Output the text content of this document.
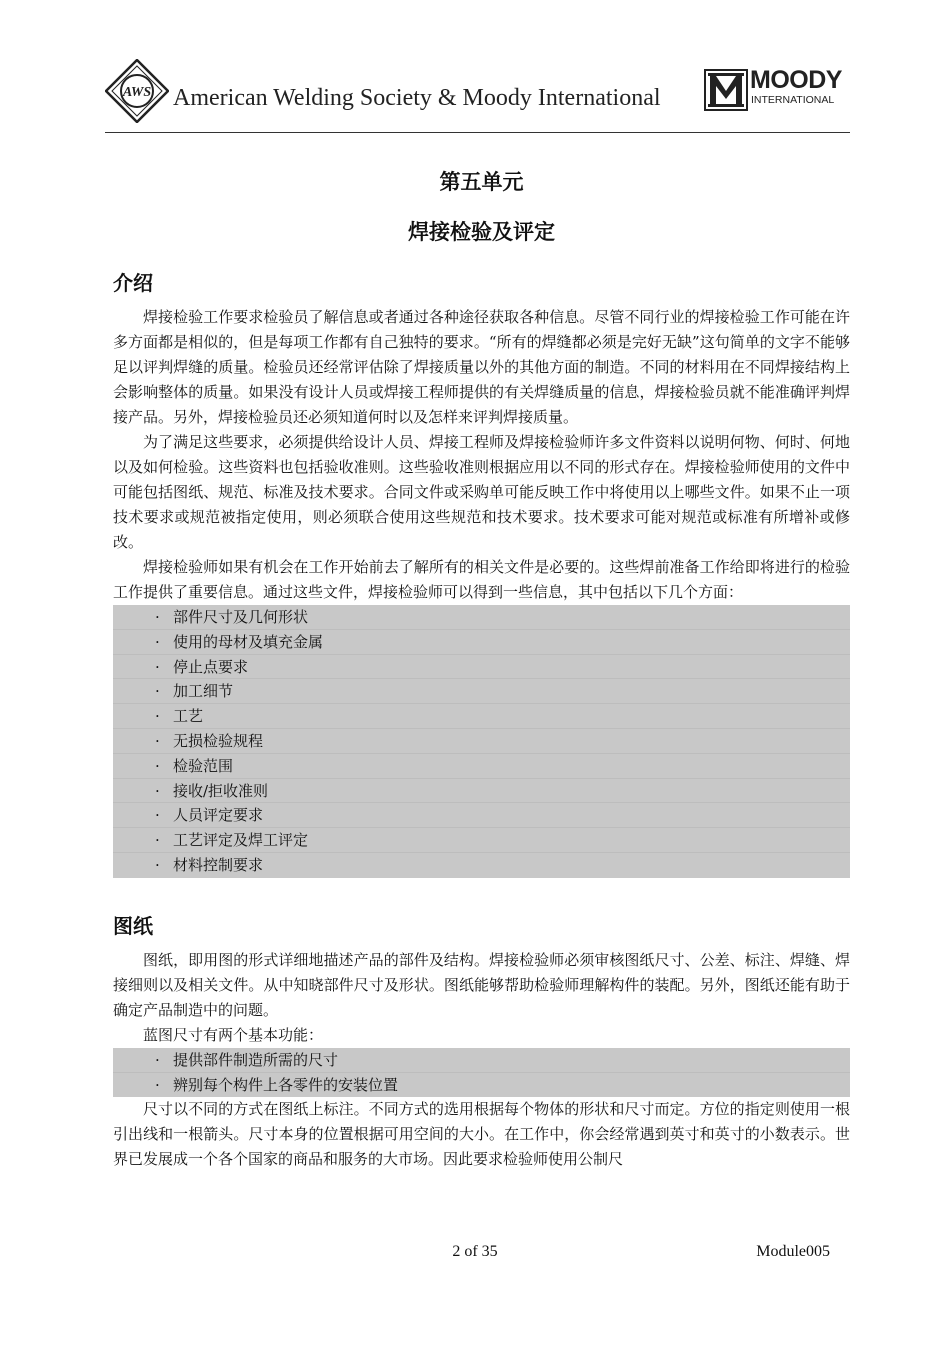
AWS American Welding Society & Moody International
MOODY
INTERNATIONAL
第五单元
焊接检验及评定
介绍

焊接检验工作要求检验员了解信息或者通过各种途径获取各种信息。尽管不同行业的焊接检验工作可能在许多方面都是相似的，但是每项工作都有自己独特的要求。“所有的焊缝都必须是完好无缺”这句简单的文字不能够足以评判焊缝的质量。检验员还经常评估除了焊接质量以外的其他方面的制造。不同的材料用在不同焊接结构上会影响整体的质量。如果没有设计人员或焊接工程师提供的有关焊缝质量的信息，焊接检验员就不能准确评判焊接产品。另外，焊接检验员还必须知道何时以及怎样来评判焊接质量。

为了满足这些要求，必须提供给设计人员、焊接工程师及焊接检验师许多文件资料以说明何物、何时、何地以及如何检验。这些资料也包括验收准则。这些验收准则根据应用以不同的形式存在。焊接检验师使用的文件中可能包括图纸、规范、标准及技术要求。合同文件或采购单可能反映工作中将使用以上哪些文件。如果不止一项技术要求或规范被指定使用，则必须联合使用这些规范和技术要求。技术要求可能对规范或标准有所增补或修改。

焊接检验师如果有机会在工作开始前去了解所有的相关文件是必要的。这些焊前准备工作给即将进行的检验工作提供了重要信息。通过这些文件，焊接检验师可以得到一些信息，其中包括以下几个方面：

· 部件尺寸及几何形状
· 使用的母材及填充金属
· 停止点要求
· 加工细节
· 工艺
· 无损检验规程
· 检验范围
· 接收/拒收准则
· 人员评定要求
· 工艺评定及焊工评定
· 材料控制要求
图纸

图纸，即用图的形式详细地描述产品的部件及结构。焊接检验师必须审核图纸尺寸、公差、标注、焊缝、焊接细则以及相关文件。从中知晓部件尺寸及形状。图纸能够帮助检验师理解构件的装配。另外，图纸还能有助于确定产品制造中的问题。

蓝图尺寸有两个基本功能：

· 提供部件制造所需的尺寸
· 辨别每个构件上各零件的安装位置

尺寸以不同的方式在图纸上标注。不同方式的选用根据每个物体的形状和尺寸而定。方位的指定则使用一根引出线和一根箭头。尺寸本身的位置根据可用空间的大小。在工作中，你会经常遇到英寸和英寸的小数表示。世界已发展成一个各个国家的商品和服务的大市场。因此要求检验师使用公制尺

2 of 35	Module005
